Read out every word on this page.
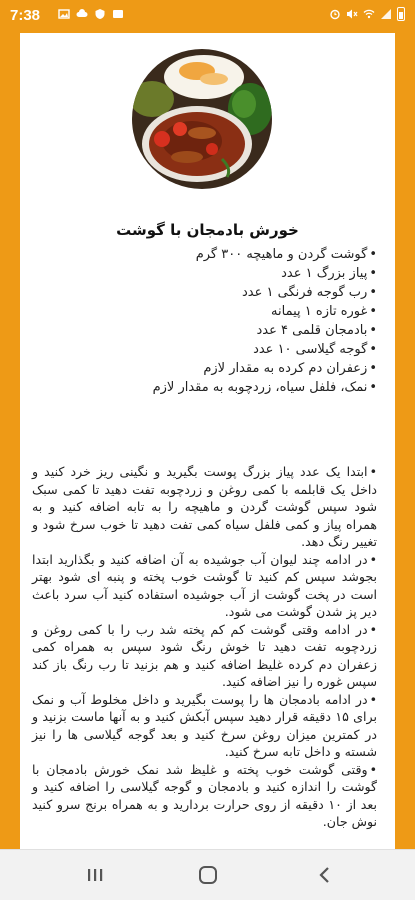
7:38
خورش بادمجان با گوشت
• گوشت گردن و ماهیچه ۳۰۰ گرم
• پیاز بزرگ ۱ عدد
• رب گوجه فرنگی ۱ عدد
• غوره تازه ۱ پیمانه
• بادمجان قلمی ۴ عدد
• گوجه گیلاسی ۱۰ عدد
• زعفران دم کرده به مقدار لازم
• نمک، فلفل سیاه، زردچوبه به مقدار لازم
• ابتدا یک عدد پیاز بزرگ پوست بگیرید و نگینی ریز خرد کنید و داخل یک قابلمه با کمی روغن و زردچوبه تفت دهید تا کمی سبک شود سپس گوشت گردن و ماهیچه را به تابه اضافه کنید و به همراه پیاز و کمی فلفل سیاه کمی تفت دهید تا خوب سرخ شود و تغییر رنگ دهد.
• در ادامه چند لیوان آب جوشیده به آن اضافه کنید و بگذارید ابتدا بجوشد سپس کم کنید تا گوشت خوب پخته و پنبه ای شود بهتر است در پخت گوشت از آب جوشیده استفاده کنید آب سرد باعث دیر پز شدن گوشت می شود.
• در ادامه وقتی گوشت کم کم پخته شد رب را با کمی روغن و زردچوبه تفت دهید تا خوش رنگ شود سپس به همراه کمی زعفران دم کرده غلیظ اضافه کنید و هم بزنید تا رب رنگ باز کند سپس غوره را نیز اضافه کنید.
• در ادامه بادمجان ها را پوست بگیرید و داخل مخلوط آب و نمک برای ۱۵ دقیقه قرار دهید سپس آبکش کنید و به آنها ماست بزنید و در کمترین میزان روغن سرخ کنید و بعد گوجه گیلاسی ها را نیز شسته و داخل تابه سرخ کنید.
• وقتی گوشت خوب پخته و غلیظ شد نمک خورش بادمجان با گوشت را اندازه کنید و بادمجان و گوجه گیلاسی را اضافه کنید و بعد از ۱۰ دقیقه از روی حرارت بردارید و به همراه برنج سرو کنید نوش جان.
